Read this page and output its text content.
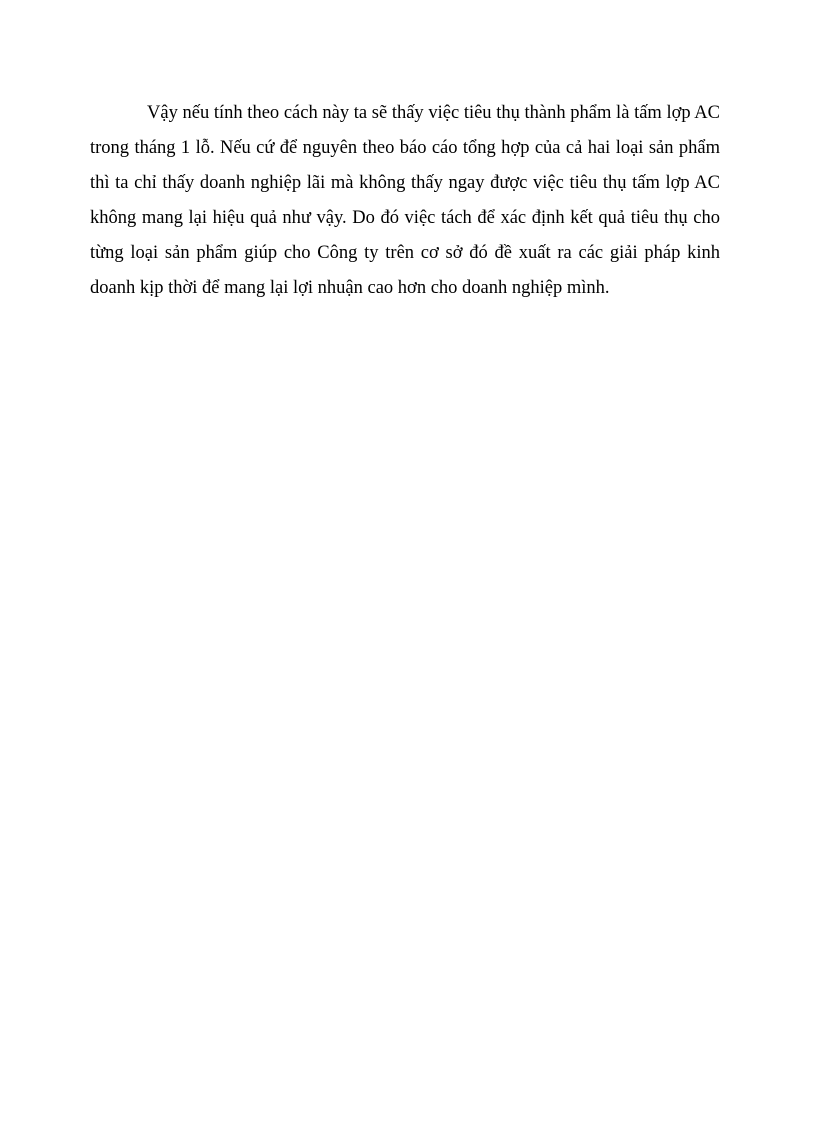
Vậy nếu tính theo cách này ta sẽ thấy việc tiêu thụ thành phẩm là tấm lợp AC trong tháng 1 lỗ. Nếu cứ để nguyên theo báo cáo tổng hợp của cả hai loại sản phẩm thì ta chỉ thấy doanh nghiệp lãi mà không thấy ngay được việc tiêu thụ tấm lợp AC không mang lại hiệu quả như vậy. Do đó việc tách để xác định kết quả tiêu thụ cho từng loại sản phẩm giúp cho Công ty trên cơ sở đó đề xuất ra các giải pháp kinh doanh kịp thời để mang lại lợi nhuận cao hơn cho doanh nghiệp mình.
